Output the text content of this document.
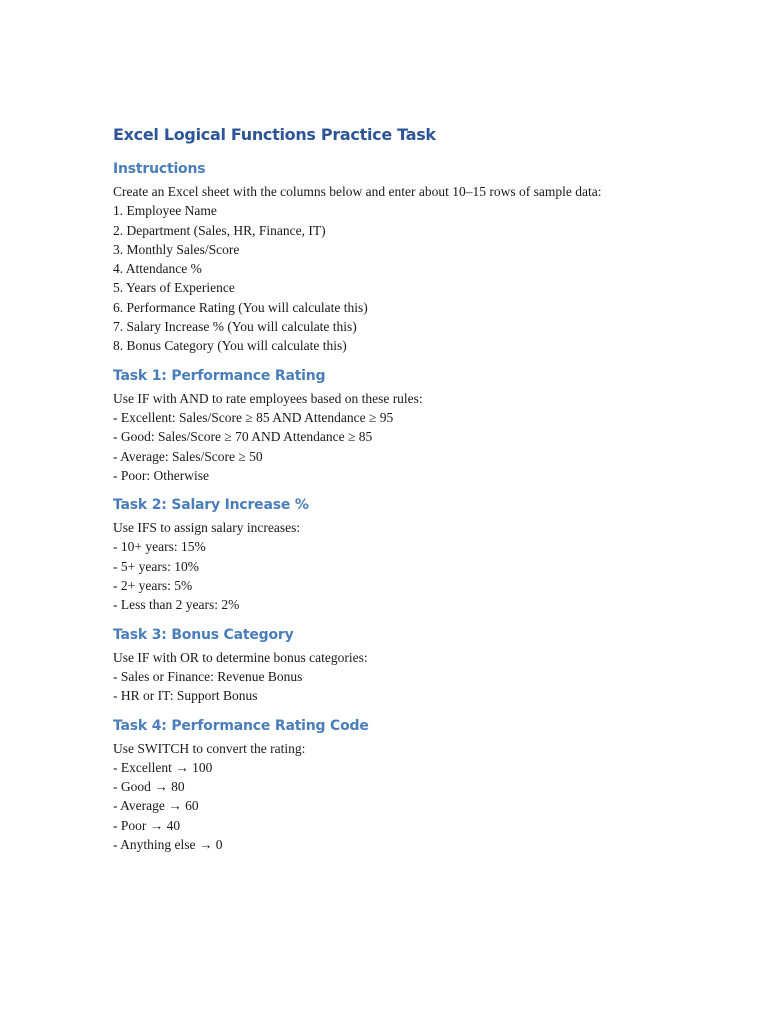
Excel Logical Functions Practice Task
Instructions
Create an Excel sheet with the columns below and enter about 10–15 rows of sample data:
1. Employee Name
2. Department (Sales, HR, Finance, IT)
3. Monthly Sales/Score
4. Attendance %
5. Years of Experience
6. Performance Rating (You will calculate this)
7. Salary Increase % (You will calculate this)
8. Bonus Category (You will calculate this)
Task 1: Performance Rating
Use IF with AND to rate employees based on these rules:
- Excellent: Sales/Score ≥ 85 AND Attendance ≥ 95
- Good: Sales/Score ≥ 70 AND Attendance ≥ 85
- Average: Sales/Score ≥ 50
- Poor: Otherwise
Task 2: Salary Increase %
Use IFS to assign salary increases:
- 10+ years: 15%
- 5+ years: 10%
- 2+ years: 5%
- Less than 2 years: 2%
Task 3: Bonus Category
Use IF with OR to determine bonus categories:
- Sales or Finance: Revenue Bonus
- HR or IT: Support Bonus
Task 4: Performance Rating Code
Use SWITCH to convert the rating:
- Excellent → 100
- Good → 80
- Average → 60
- Poor → 40
- Anything else → 0
